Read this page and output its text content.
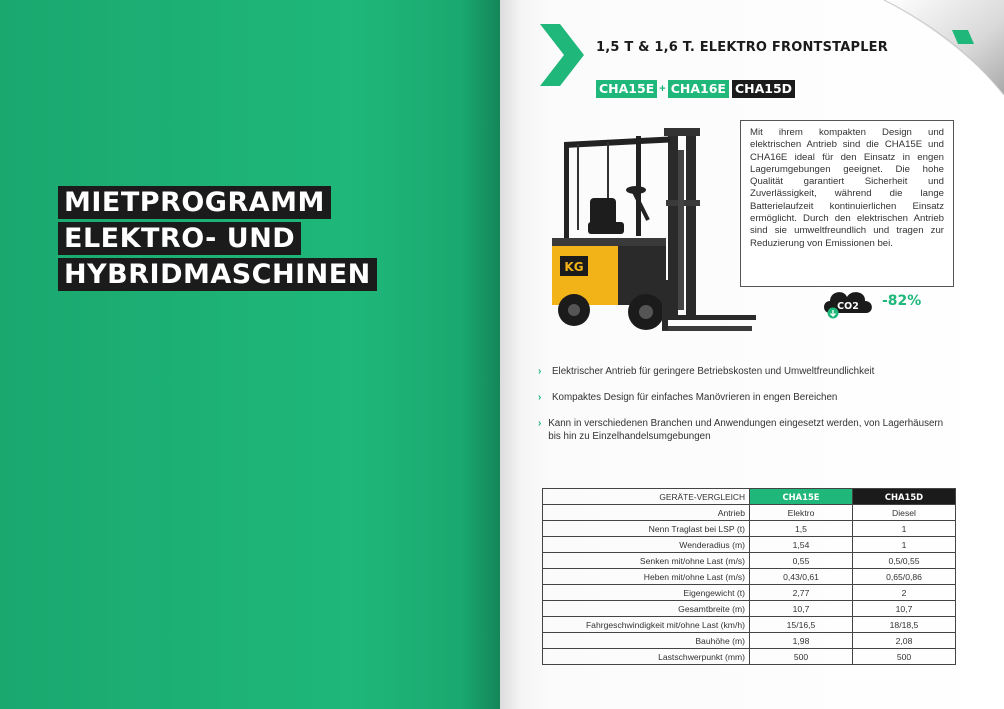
MIETPROGRAMM
ELEKTRO- UND
HYBRIDMASCHINEN
1,5 T & 1,6 T. ELEKTRO FRONTSTAPLER
CHA15E + CHA16E CHA15D
KG

Mit ihrem kompakten Design und elektrischen Antrieb sind die CHA15E und CHA16E ideal für den Einsatz in engen Lagerumgebungen geeignet. Die hohe Qualität garantiert Sicherheit und Zuverlässigkeit, während die lange Batterielaufzeit kontinuierlichen Einsatz ermöglicht. Durch den elektrischen Antrieb sind sie umweltfreundlich und tragen zur Reduzierung von Emissionen bei.

CO2 -82%
›	Elektrischer Antrieb für geringere Betriebskosten und Umweltfreundlichkeit
›	Kompaktes Design für einfaches Manövrieren in engen Bereichen
› Kann in verschiedenen Branchen und Anwendungen eingesetzt werden, von Lagerhäusern bis hin zu Einzelhandelsumgebungen
GERÄTE-VERGLEICH	CHA15E	CHA15D
Antrieb	Elektro	Diesel
Nenn Traglast bei LSP (t)	1,5	1
Wenderadius (m)	1,54	1
Senken mit/ohne Last (m/s)	0,55	0,5/0,55
Heben mit/ohne Last (m/s)	0,43/0,61	0,65/0,86
Eigengewicht (t)	2,77	2
Gesamtbreite (m)	10,7	10,7
Fahrgeschwindigkeit mit/ohne Last (km/h)	15/16,5	18/18,5
Bauhöhe (m)	1,98	2,08
Lastschwerpunkt (mm)	500	500
